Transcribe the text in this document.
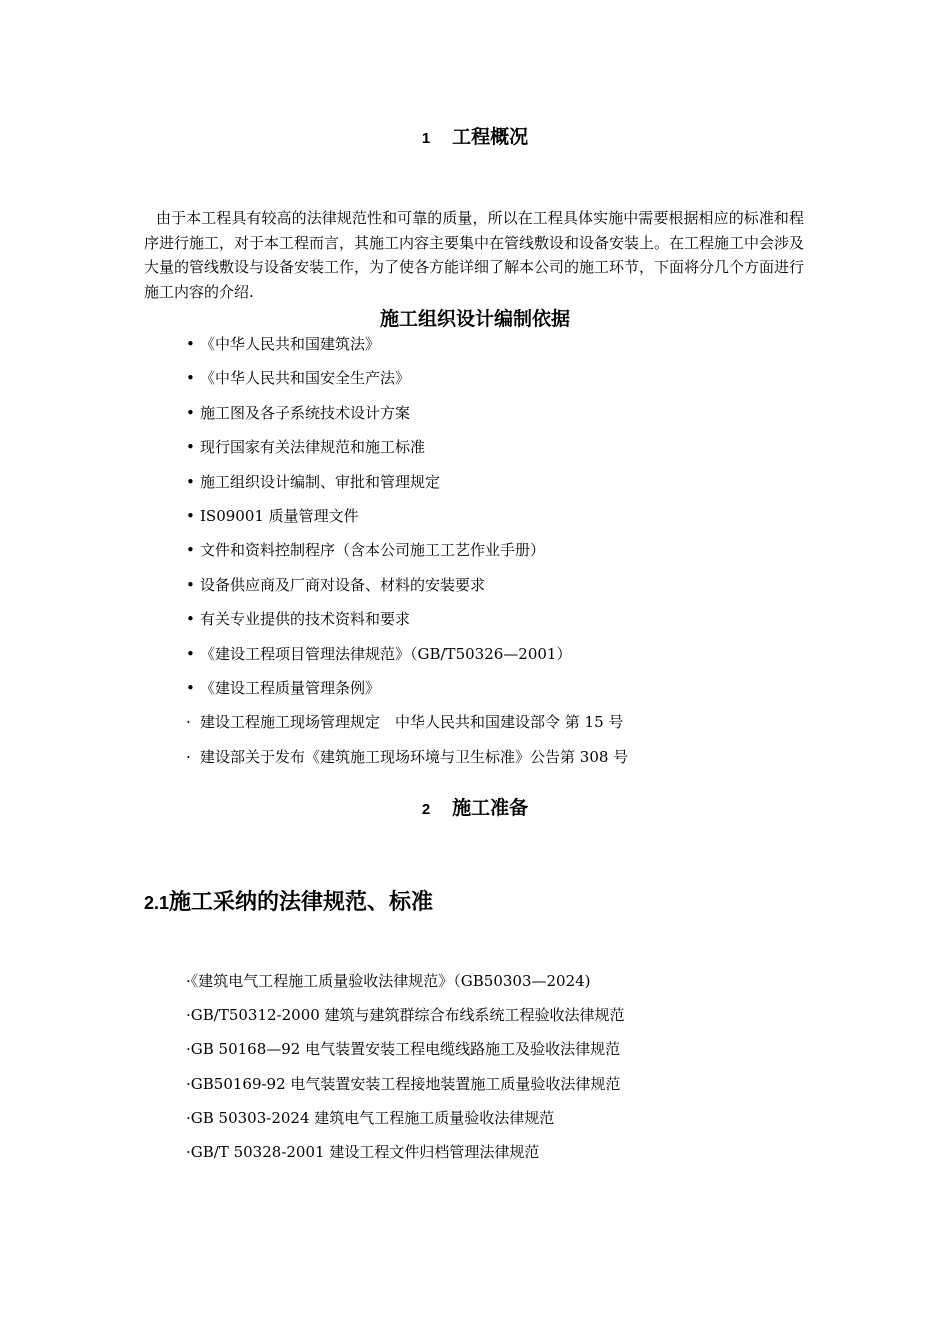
1 工程概况

由于本工程具有较高的法律规范性和可靠的质量，所以在工程具体实施中需要根据相应的标准和程序进行施工，对于本工程而言，其施工内容主要集中在管线敷设和设备安装上。在工程施工中会涉及大量的管线敷设与设备安装工作，为了使各方能详细了解本公司的施工环节，下面将分几个方面进行施工内容的介绍.

施工组织设计编制依据
• 《中华人民共和国建筑法》
• 《中华人民共和国安全生产法》
• 施工图及各子系统技术设计方案
• 现行国家有关法律规范和施工标准
• 施工组织设计编制、审批和管理规定
• IS09001 质量管理文件
• 文件和资料控制程序（含本公司施工工艺作业手册）
• 设备供应商及厂商对设备、材料的安装要求
• 有关专业提供的技术资料和要求
• 《建设工程项目管理法律规范》（GB/T50326—2001）
• 《建设工程质量管理条例》
· 建设工程施工现场管理规定　中华人民共和国建设部令 第 15 号
· 建设部关于发布《建筑施工现场环境与卫生标准》公告第 308 号
2 施工准备
2.1施工采纳的法律规范、标准
·《建筑电气工程施工质量验收法律规范》（GB50303—2024)
·GB/T50312-2000 建筑与建筑群综合布线系统工程验收法律规范
·GB 50168—92 电气装置安装工程电缆线路施工及验收法律规范
·GB50169-92 电气装置安装工程接地装置施工质量验收法律规范
·GB 50303-2024 建筑电气工程施工质量验收法律规范
·GB/T 50328-2001 建设工程文件归档管理法律规范
